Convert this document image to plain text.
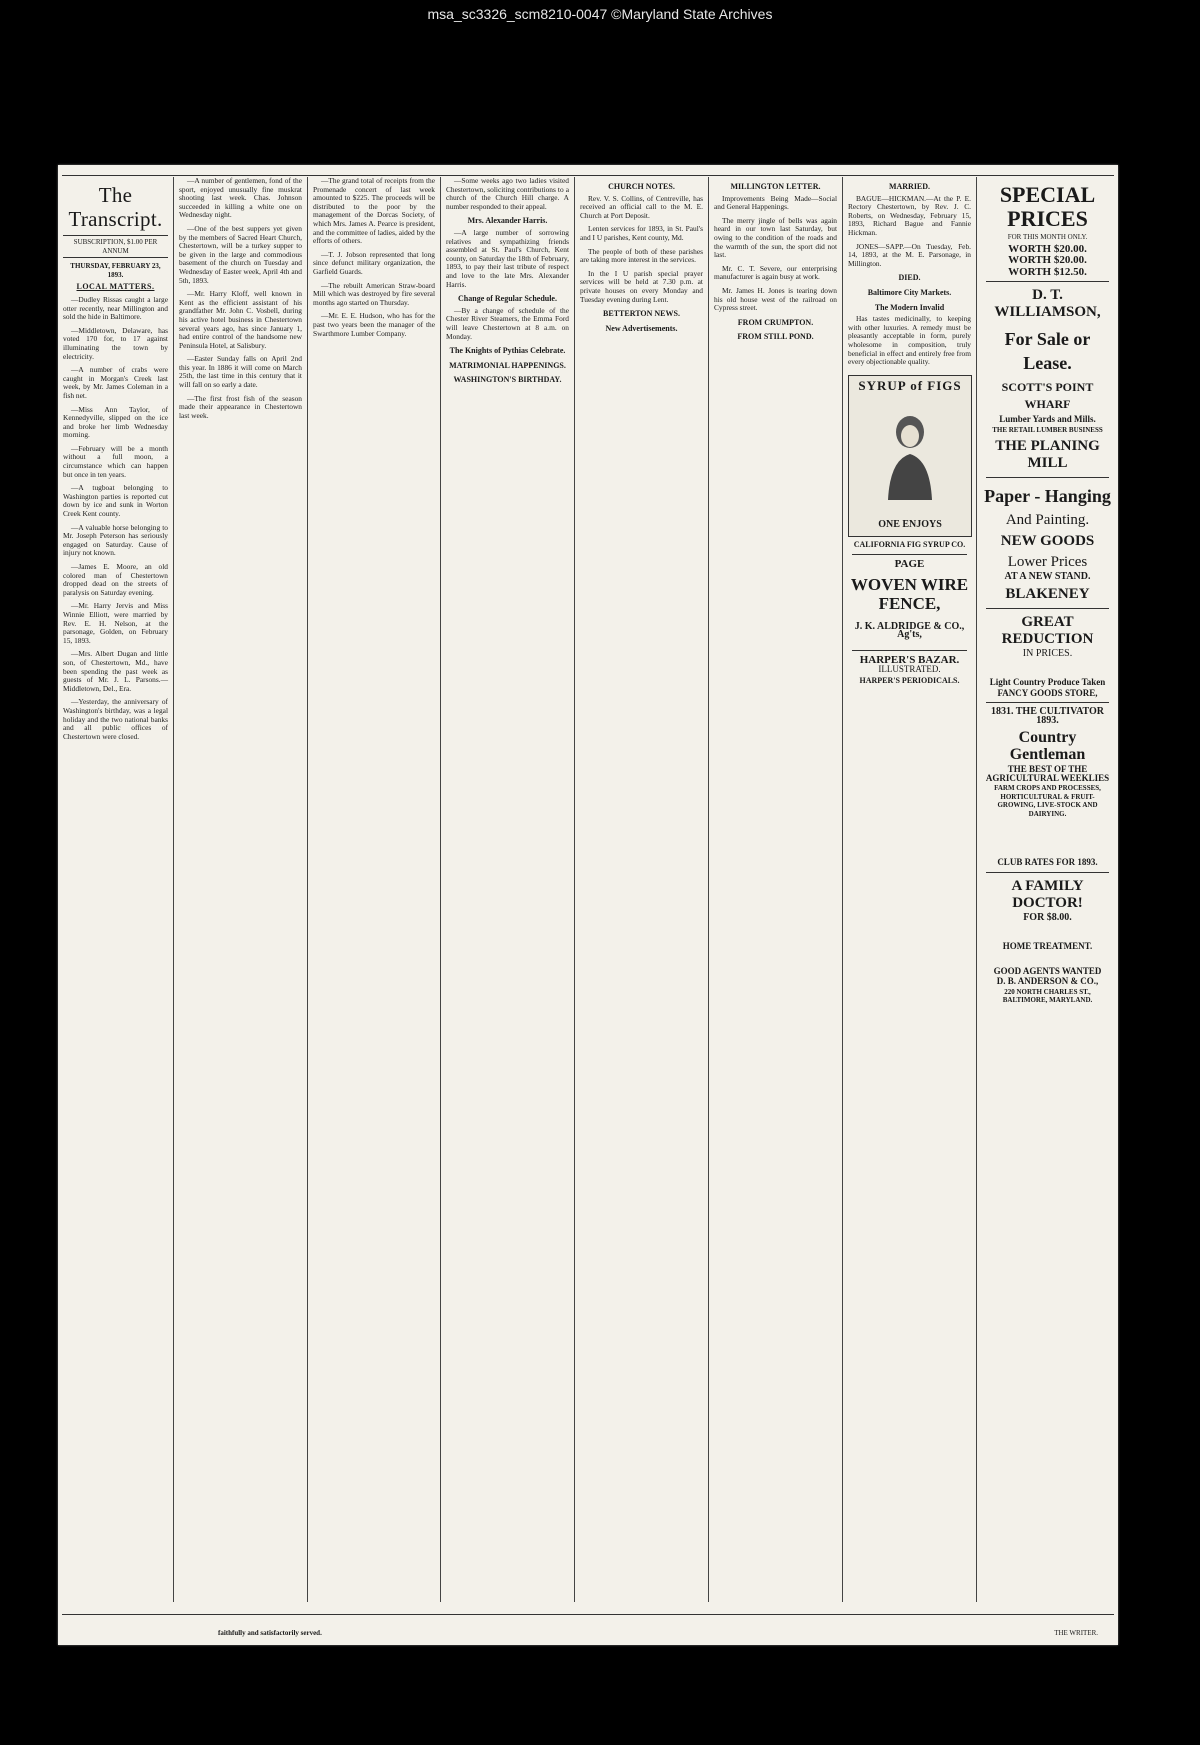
msa_sc3326_scm8210-0047 ©Maryland State Archives
The Transcript.
SUBSCRIPTION, $1.00 PER ANNUM
THURSDAY, FEBRUARY 23, 1893.
LOCAL MATTERS.

—Dudley Rissas caught a large otter recently, near Millington and sold the hide in Baltimore.

—Middletown, Delaware, has voted 170 for, to 17 against illuminating the town by electricity.

—A number of crabs were caught in Morgan's Creek last week, by Mr. James Coleman in a fish net.

—Miss Ann Taylor, of Kennedyville, slipped on the ice and broke her limb Wednesday morning.

—February will be a month without a full moon, a circumstance which can happen but once in ten years.

—A tugboat belonging to Washington parties is reported cut down by ice and sunk in Worton Creek Kent county.

—A valuable horse belonging to Mr. Joseph Peterson has seriously engaged on Saturday. Cause of injury not known.

—James E. Moore, an old colored man of Chestertown dropped dead on the streets of paralysis on Saturday evening.

—Mr. Harry Jervis and Miss Winnie Elliott, were married by Rev. E. H. Nelson, at the parsonage, Golden, on February 15, 1893.

—Mrs. Albert Dugan and little son, of Chestertown, Md., have been spending the past week as guests of Mr. J. L. Parsons.—Middletown, Del., Era.

—Yesterday, the anniversary of Washington's birthday, was a legal holiday and the two national banks and all public offices of Chestertown were closed.

—A number of gentlemen, fond of the sport, enjoyed unusually fine muskrat shooting last week. Chas. Johnson succeeded in killing a white one on Wednesday night.

—One of the best suppers yet given by the members of Sacred Heart Church, Chestertown, will be a turkey supper to be given in the large and commodious basement of the church on Tuesday and Wednesday of Easter week, April 4th and 5th, 1893.

—Mr. Harry Kloff, well known in Kent as the efficient assistant of his grandfather Mr. John C. Vosbell, during his active hotel business in Chestertown several years ago, has since January 1, had entire control of the handsome new Peninsula Hotel, at Salisbury.

—Easter Sunday falls on April 2nd this year. In 1886 it will come on March 25th, the last time in this century that it will fall on so early a date.

—The first frost fish of the season made their appearance in Chestertown last week.

—The grand total of receipts from the Promenade concert of last week amounted to $225. The proceeds will be distributed to the poor by the management of the Dorcas Society, of which Mrs. James A. Pearce is president, and the committee of ladies, aided by the efforts of others.

—T. J. Jobson represented that long since defunct military organization, the Garfield Guards.

—The rebuilt American Straw-board Mill which was destroyed by fire several months ago started on Thursday.

—Mr. E. E. Hudson, who has for the past two years been the manager of the Swarthmore Lumber Company.

—Some weeks ago two ladies visited Chestertown, soliciting contributions to a church of the Church Hill charge. A number responded to their appeal.

Mrs. Alexander Harris.

—A large number of sorrowing relatives and sympathizing friends assembled at St. Paul's Church, Kent county, on Saturday the 18th of February, 1893, to pay their last tribute of respect and love to the late Mrs. Alexander Harris.

Change of Regular Schedule.

—By a change of schedule of the Chester River Steamers, the Emma Ford will leave Chestertown at 8 a.m. on Monday.

The Knights of Pythias Celebrate.
MATRIMONIAL HAPPENINGS.
WASHINGTON'S BIRTHDAY.
CHURCH NOTES.

Rev. V. S. Collins, of Centreville, has received an official call to the M. E. Church at Port Deposit.

Lenten services for 1893, in St. Paul's and I U parishes, Kent county, Md.

The people of both of these parishes are taking more interest in the services.

In the I U parish special prayer services will be held at 7.30 p.m. at private houses on every Monday and Tuesday evening during Lent.

BETTERTON NEWS.
New Advertisements.
MILLINGTON LETTER.

Improvements Being Made—Social and General Happenings.

The merry jingle of bells was again heard in our town last Saturday, but owing to the condition of the roads and the warmth of the sun, the sport did not last.

Mr. C. T. Severe, our enterprising manufacturer is again busy at work.

Mr. James H. Jones is tearing down his old house west of the railroad on Cypress street.

FROM CRUMPTON.
FROM STILL POND.
MARRIED.

BAGUE—HICKMAN.—At the P. E. Rectory Chestertown, by Rev. J. C. Roberts, on Wednesday, February 15, 1893, Richard Bague and Fannie Hickman.

JONES—SAPP.—On Tuesday, Feb. 14, 1893, at the M. E. Parsonage, in Millington.

DIED.
Baltimore City Markets.
The Modern Invalid

Has tastes medicinally, to keeping with other luxuries. A remedy must be pleasantly acceptable in form, purely wholesome in composition, truly beneficial in effect and entirely free from every objectionable quality.

SYRUP of FIGS
ONE ENJOYS
CALIFORNIA FIG SYRUP CO.
PAGE
WOVEN WIRE FENCE,
J. K. ALDRIDGE & CO., Ag'ts,
HARPER'S BAZAR.
ILLUSTRATED.
HARPER'S PERIODICALS.
SPECIAL PRICES
FOR THIS MONTH ONLY.
WORTH $20.00.
WORTH $20.00.
WORTH $12.50.
D. T. WILLIAMSON,
For Sale or Lease.
SCOTT'S POINT WHARF
Lumber Yards and Mills.
THE RETAIL LUMBER BUSINESS
THE PLANING MILL
Paper - Hanging
And Painting.
NEW GOODS
Lower Prices
AT A NEW STAND.
BLAKENEY
GREAT REDUCTION
IN PRICES.
Light Country Produce Taken
FANCY GOODS STORE,
1831. THE CULTIVATOR 1893.
Country Gentleman
THE BEST OF THE AGRICULTURAL WEEKLIES
FARM CROPS AND PROCESSES, HORTICULTURAL & FRUIT-GROWING, LIVE-STOCK AND DAIRYING.
CLUB RATES FOR 1893.
A FAMILY DOCTOR!
FOR $8.00.
HOME TREATMENT.
GOOD AGENTS WANTED
D. B. ANDERSON & CO.,
220 NORTH CHARLES ST., BALTIMORE, MARYLAND.
faithfully and satisfactorily served.	THE WRITER.
